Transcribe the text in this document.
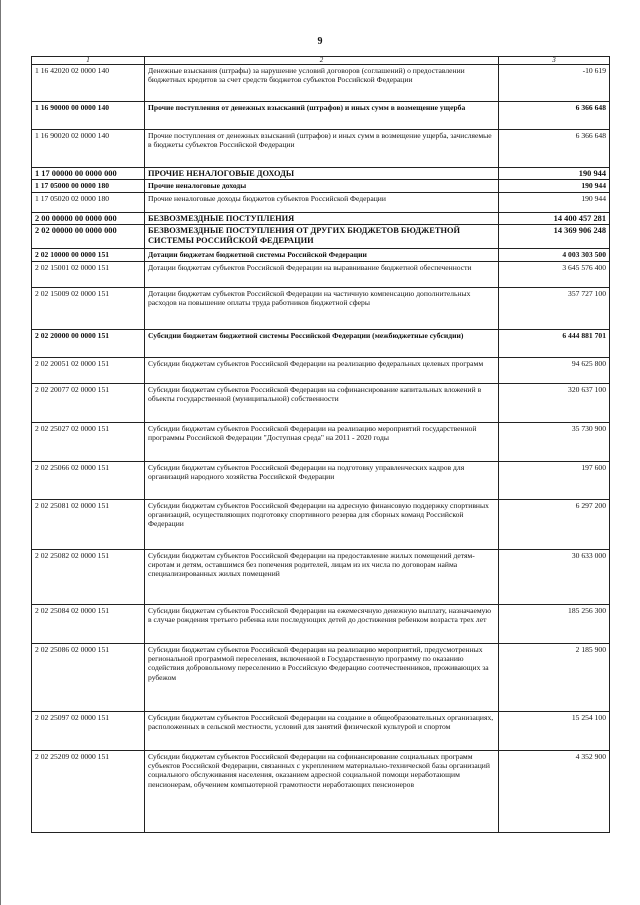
9
1	2	3
1 16 42020 02 0000 140	Денежные взыскания (штрафы) за нарушение условий договоров (соглашений) о предоставлении бюджетных кредитов за счет средств бюджетов субъектов Российской Федерации	-10 619
1 16 90000 00 0000 140	Прочие поступления от денежных взысканий (штрафов) и иных сумм в возмещение ущерба	6 366 648
1 16 90020 02 0000 140	Прочие поступления от денежных взысканий (штрафов) и иных сумм в возмещение ущерба, зачисляемые в бюджеты субъектов Российской Федерации	6 366 648
1 17 00000 00 0000 000	ПРОЧИЕ НЕНАЛОГОВЫЕ ДОХОДЫ	190 944
1 17 05000 00 0000 180	Прочие неналоговые доходы	190 944
1 17 05020 02 0000 180	Прочие неналоговые доходы бюджетов субъектов Российской Федерации	190 944
2 00 00000 00 0000 000	БЕЗВОЗМЕЗДНЫЕ ПОСТУПЛЕНИЯ	14 400 457 281
2 02 00000 00 0000 000	БЕЗВОЗМЕЗДНЫЕ ПОСТУПЛЕНИЯ ОТ ДРУГИХ БЮДЖЕТОВ БЮДЖЕТНОЙ СИСТЕМЫ РОССИЙСКОЙ ФЕДЕРАЦИИ	14 369 906 248
2 02 10000 00 0000 151	Дотации бюджетам бюджетной системы Российской Федерации	4 003 303 500
2 02 15001 02 0000 151	Дотации бюджетам субъектов Российской Федерации на выравнивание бюджетной обеспеченности	3 645 576 400
2 02 15009 02 0000 151	Дотации бюджетам субъектов Российской Федерации на частичную компенсацию дополнительных расходов на повышение оплаты труда работников бюджетной сферы	357 727 100
2 02 20000 00 0000 151	Субсидии бюджетам бюджетной системы Российской Федерации (межбюджетные субсидии)	6 444 881 701
2 02 20051 02 0000 151	Субсидии бюджетам субъектов Российской Федерации на реализацию федеральных целевых программ	94 625 800
2 02 20077 02 0000 151	Субсидии бюджетам субъектов Российской Федерации на софинансирование капитальных вложений в объекты государственной (муниципальной) собственности	320 637 100
2 02 25027 02 0000 151	Субсидии бюджетам субъектов Российской Федерации на реализацию мероприятий государственной программы Российской Федерации "Доступная среда" на 2011 - 2020 годы	35 730 900
2 02 25066 02 0000 151	Субсидии бюджетам субъектов Российской Федерации на подготовку управленческих кадров для организаций народного хозяйства Российской Федерации	197 600
2 02 25081 02 0000 151	Субсидии бюджетам субъектов Российской Федерации на адресную финансовую поддержку спортивных организаций, осуществляющих подготовку спортивного резерва для сборных команд Российской Федерации	6 297 200
2 02 25082 02 0000 151	Субсидии бюджетам субъектов Российской Федерации на предоставление жилых помещений детям-сиротам и детям, оставшимся без попечения родителей, лицам из их числа по договорам найма специализированных жилых помещений	30 633 000
2 02 25084 02 0000 151	Субсидии бюджетам субъектов Российской Федерации на ежемесячную денежную выплату, назначаемую в случае рождения третьего ребенка или последующих детей до достижения ребенком возраста трех лет	185 256 300
2 02 25086 02 0000 151	Субсидии бюджетам субъектов Российской Федерации на реализацию мероприятий, предусмотренных региональной программой переселения, включенной в Государственную программу по оказанию содействия добровольному переселению в Российскую Федерацию соотечественников, проживающих за рубежом	2 185 900
2 02 25097 02 0000 151	Субсидии бюджетам субъектов Российской Федерации на создание в общеобразовательных организациях, расположенных в сельской местности, условий для занятий физической культурой и спортом	15 254 100
2 02 25209 02 0000 151	Субсидии бюджетам субъектов Российской Федерации на софинансирование социальных программ субъектов Российской Федерации, связанных с укреплением материально-технической базы организаций социального обслуживания населения, оказанием адресной социальной помощи неработающим пенсионерам, обучением компьютерной грамотности неработающих пенсионеров	4 352 900
